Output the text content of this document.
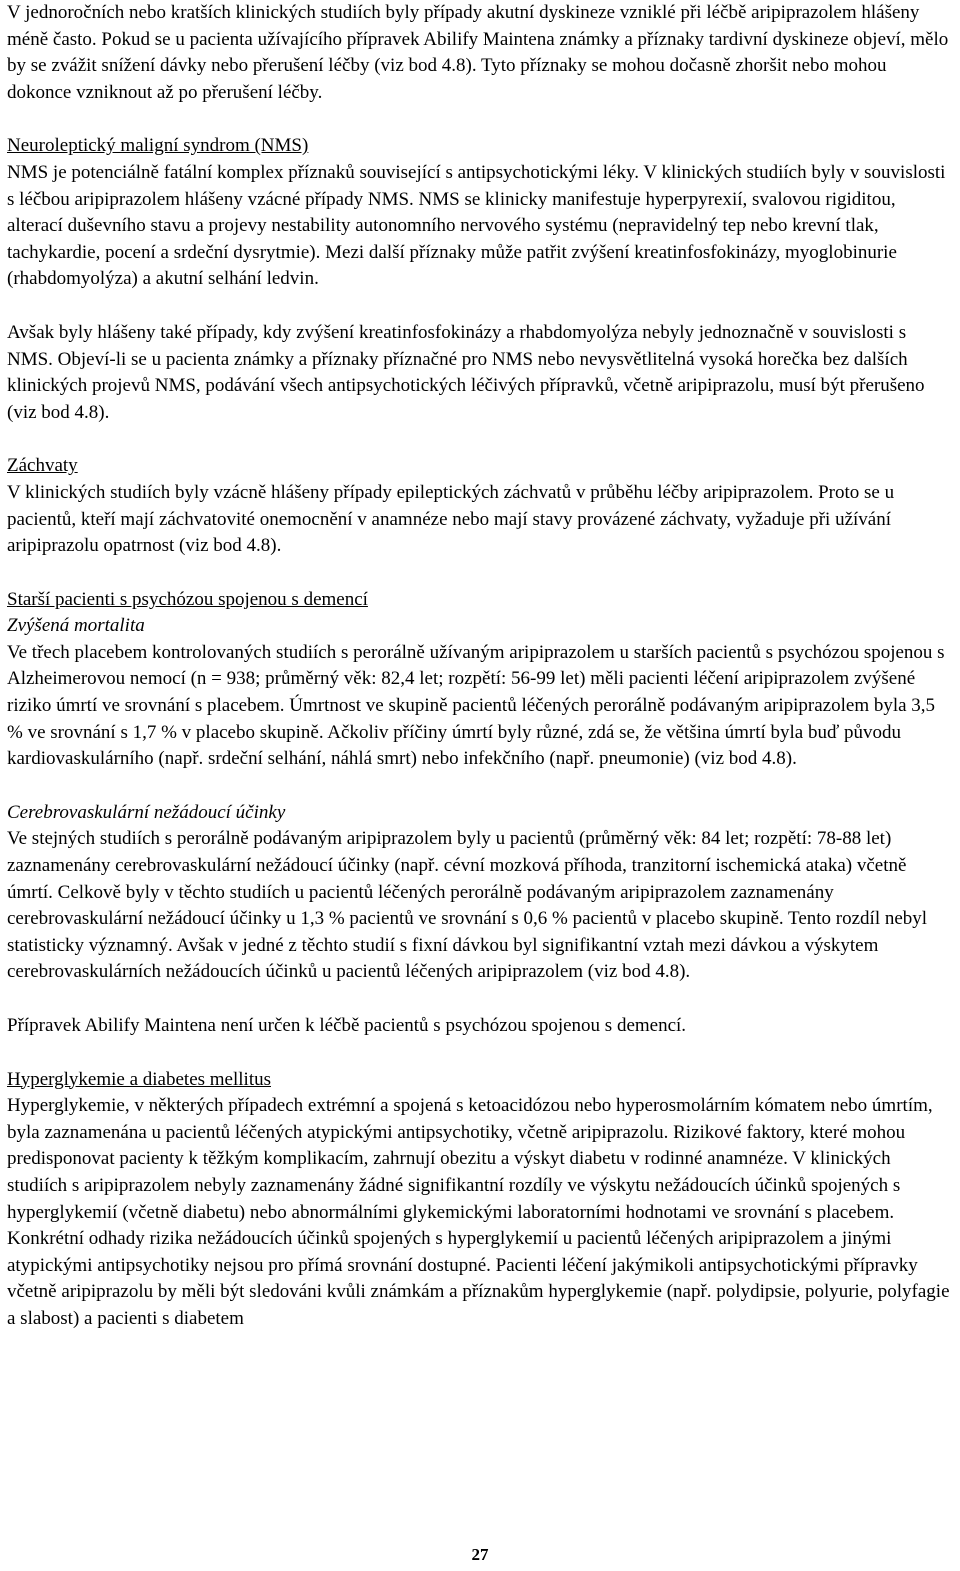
V jednoročních nebo kratších klinických studiích byly případy akutní dyskineze vzniklé při léčbě aripiprazolem hlášeny méně často. Pokud se u pacienta užívajícího přípravek Abilify Maintena známky a příznaky tardivní dyskineze objeví, mělo by se zvážit snížení dávky nebo přerušení léčby (viz bod 4.8). Tyto příznaky se mohou dočasně zhoršit nebo mohou dokonce vzniknout až po přerušení léčby.

Neuroleptický maligní syndrom (NMS)

NMS je potenciálně fatální komplex příznaků související s antipsychotickými léky. V klinických studiích byly v souvislosti s léčbou aripiprazolem hlášeny vzácné případy NMS. NMS se klinicky manifestuje hyperpyrexií, svalovou rigiditou, alterací duševního stavu a projevy nestability autonomního nervového systému (nepravidelný tep nebo krevní tlak, tachykardie, pocení a srdeční dysrytmie). Mezi další příznaky může patřit zvýšení kreatinfosfokinázy, myoglobinurie (rhabdomyolýza) a akutní selhání ledvin.

Avšak byly hlášeny také případy, kdy zvýšení kreatinfosfokinázy a rhabdomyolýza nebyly jednoznačně v souvislosti s NMS. Objeví-li se u pacienta známky a příznaky příznačné pro NMS nebo nevysvětlitelná vysoká horečka bez dalších klinických projevů NMS, podávání všech antipsychotických léčivých přípravků, včetně aripiprazolu, musí být přerušeno (viz bod 4.8).

Záchvaty

V klinických studiích byly vzácně hlášeny případy epileptických záchvatů v průběhu léčby aripiprazolem. Proto se u pacientů, kteří mají záchvatovité onemocnění v anamnéze nebo mají stavy provázené záchvaty, vyžaduje při užívání aripiprazolu opatrnost (viz bod 4.8).

Starší pacienti s psychózou spojenou s demencí

Zvýšená mortalita

Ve třech placebem kontrolovaných studiích s perorálně užívaným aripiprazolem u starších pacientů s psychózou spojenou s Alzheimerovou nemocí (n = 938; průměrný věk: 82,4 let; rozpětí: 56-99 let) měli pacienti léčení aripiprazolem zvýšené riziko úmrtí ve srovnání s placebem. Úmrtnost ve skupině pacientů léčených perorálně podávaným aripiprazolem byla 3,5 % ve srovnání s 1,7 % v placebo skupině. Ačkoliv příčiny úmrtí byly různé, zdá se, že většina úmrtí byla buď původu kardiovaskulárního (např. srdeční selhání, náhlá smrt) nebo infekčního (např. pneumonie) (viz bod 4.8).

Cerebrovaskulární nežádoucí účinky

Ve stejných studiích s perorálně podávaným aripiprazolem byly u pacientů (průměrný věk: 84 let; rozpětí: 78-88 let) zaznamenány cerebrovaskulární nežádoucí účinky (např. cévní mozková příhoda, tranzitorní ischemická ataka) včetně úmrtí. Celkově byly v těchto studiích u pacientů léčených perorálně podávaným aripiprazolem zaznamenány cerebrovaskulární nežádoucí účinky u 1,3 % pacientů ve srovnání s 0,6 % pacientů v placebo skupině. Tento rozdíl nebyl statisticky významný. Avšak v jedné z těchto studií s fixní dávkou byl signifikantní vztah mezi dávkou a výskytem cerebrovaskulárních nežádoucích účinků u pacientů léčených aripiprazolem (viz bod 4.8).

Přípravek Abilify Maintena není určen k léčbě pacientů s psychózou spojenou s demencí.

Hyperglykemie a diabetes mellitus

Hyperglykemie, v některých případech extrémní a spojená s ketoacidózou nebo hyperosmolárním kómatem nebo úmrtím, byla zaznamenána u pacientů léčených atypickými antipsychotiky, včetně aripiprazolu. Rizikové faktory, které mohou predisponovat pacienty k těžkým komplikacím, zahrnují obezitu a výskyt diabetu v rodinné anamnéze. V klinických studiích s aripiprazolem nebyly zaznamenány žádné signifikantní rozdíly ve výskytu nežádoucích účinků spojených s hyperglykemií (včetně diabetu) nebo abnormálními glykemickými laboratorními hodnotami ve srovnání s placebem. Konkrétní odhady rizika nežádoucích účinků spojených s hyperglykemií u pacientů léčených aripiprazolem a jinými atypickými antipsychotiky nejsou pro přímá srovnání dostupné. Pacienti léčení jakýmikoli antipsychotickými přípravky včetně aripiprazolu by měli být sledováni kvůli známkám a příznakům hyperglykemie (např. polydipsie, polyurie, polyfagie a slabost) a pacienti s diabetem

27
